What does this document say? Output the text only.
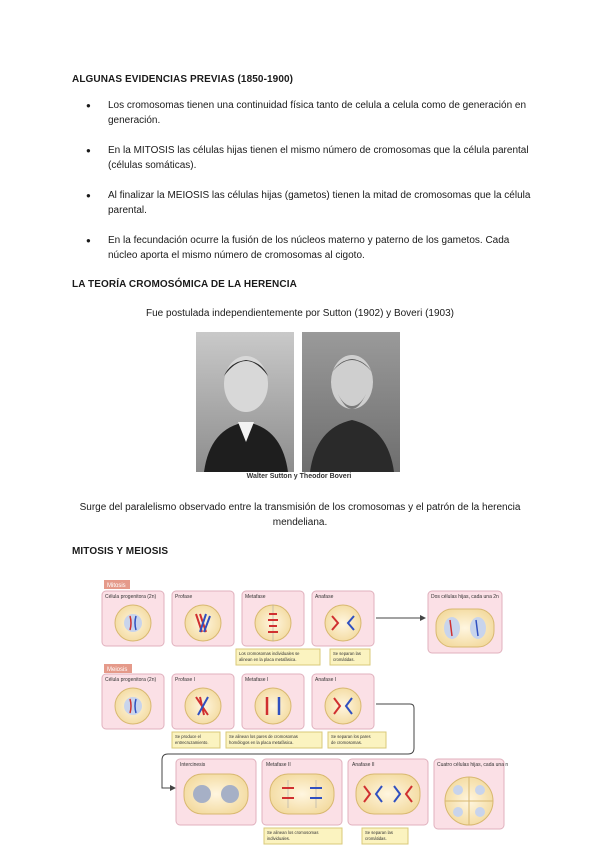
ALGUNAS EVIDENCIAS PREVIAS (1850-1900)
● Los cromosomas tienen una continuidad física tanto de celula a celula como de generación en generación.
● En la MITOSIS las células hijas tienen el mismo número de cromosomas que la célula parental (células somáticas).
● Al finalizar la MEIOSIS las células hijas (gametos) tienen la mitad de cromosomas que la célula parental.
● En la fecundación ocurre la fusión de los núcleos materno y paterno de los gametos. Cada núcleo aporta el mismo número de cromosomas al cigoto.
LA TEORÍA CROMOSÓMICA DE LA HERENCIA
Fue postulada independientemente por Sutton (1902) y Boveri (1903)
Walter Sutton y Theodor Boveri
Surge del paralelismo observado entre la transmisión de los cromosomas y el patrón de la herencia mendeliana.
MITOSIS Y MEIOSIS
Mitosis
Célula progenitora (2n)	Profase	Metafase	Anafase	Dos células hijas, cada una 2n
Los cromosomas individuales se
alinean en la placa metafásica.
Se separan las
cromátidas.
Meiosis
Célula progenitora (2n)	Profase I	Metafase I	Anafase I
Se produce el
entrecruzamiento.
Se alinean los pares de cromosomas
homólogos en la placa metafásica.
Se separan los pares
de cromosomas.
Intercinesis	Metafase II	Anafase II	Cuatro células hijas, cada una n
Se alinean los cromosomas
individuales.
Se separan las
cromátidas.
